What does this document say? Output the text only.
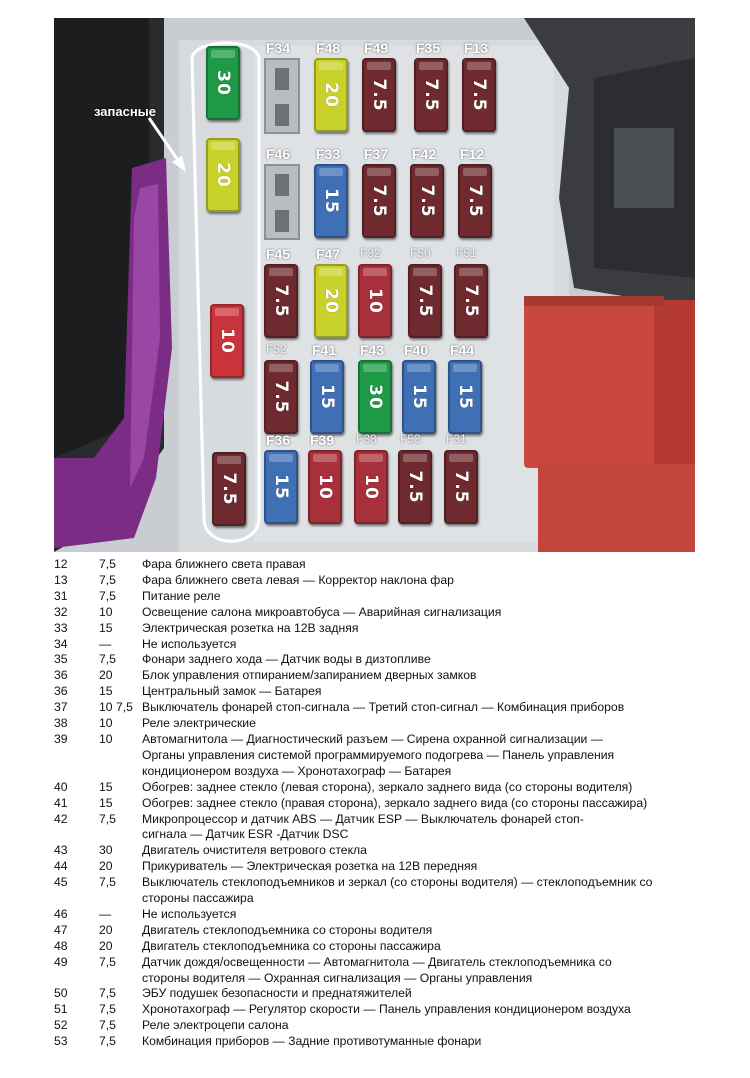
запасные
30
20
10
7.5
F34 F48
20
F49
7.5
F35
7.5
F13
7.5
F46 F33
15
F37
7.5
F42
7.5
F12
7.5
F45
7.5
F47
20
F32
10
F50
7.5
F51
7.5
F52
7.5
F41
15
F43
30
F40
15
F44
15
F36
15
F39
10
F38
10
F53
7.5
F31
7.5
12	7,5	Фара ближнего света правая
13	7,5	Фара ближнего света левая — Корректор наклона фар
31	7,5	Питание реле
32	10	Освещение салона микроавтобуса — Аварийная сигнализация
33	15	Электрическая розетка на 12В задняя
34	—	Не используется
35	7,5	Фонари заднего хода — Датчик воды в дизтопливе
36	20	Блок управления отпиранием/запиранием дверных замков
36	15	Центральный замок — Батарея
37	10 7,5 Выключатель фонарей стоп-сигнала — Третий стоп-сигнал — Комбинация приборов
38	10	Реле электрические
39	10	Автомагнитола — Диагностический разъем — Сирена охранной сигнализации —
Органы управления системой программируемого подогрева — Панель управления
кондиционером воздуха — Хронотахограф — Батарея
40	15	Обогрев: заднее стекло (левая сторона), зеркало заднего вида (со стороны водителя)
41	15	Обогрев: заднее стекло (правая сторона), зеркало заднего вида (со стороны пассажира)
42	7,5	Микропроцессор и датчик ABS — Датчик ESP — Выключатель фонарей стоп-
сигнала — Датчик ESR -Датчик DSC
43	30	Двигатель очистителя ветрового стекла
44	20	Прикуриватель — Электрическая розетка на 12В передняя
45	7,5	Выключатель стеклоподъемников и зеркал (со стороны водителя) — стеклоподъемник со
стороны пассажира
46	—	Не используется
47	20	Двигатель стеклоподъемника со стороны водителя
48	20	Двигатель стеклоподъемника со стороны пассажира
49	7,5	Датчик дождя/освещенности — Автомагнитола — Двигатель стеклоподъемника со
стороны водителя — Охранная сигнализация — Органы управления
50	7,5	ЭБУ подушек безопасности и преднатяжителей
51	7,5	Хронотахограф — Регулятор скорости — Панель управления кондиционером воздуха
52	7,5	Реле электроцепи салона
53	7,5	Комбинация приборов — Задние противотуманные фонари
